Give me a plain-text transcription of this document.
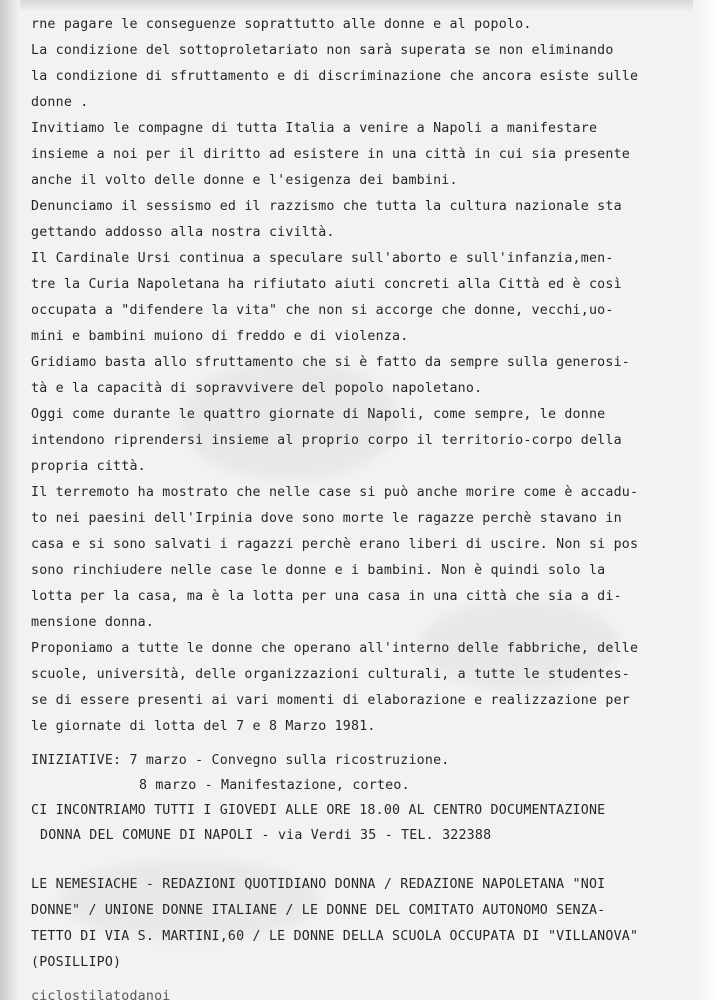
rne pagare le conseguenze soprattutto alle donne e al popolo.
La condizione del sottoproletariato non sarà superata se non eliminando
la condizione di sfruttamento e di discriminazione che ancora esiste sulle
donne .
Invitiamo le compagne di tutta Italia a venire a Napoli a manifestare
insieme a noi per il diritto ad esistere in una città in cui sia presente
anche il volto delle donne e l'esigenza dei bambini.
Denunciamo il sessismo ed il razzismo che tutta la cultura nazionale sta
gettando addosso alla nostra civiltà.
Il Cardinale Ursi continua a speculare sull'aborto e sull'infanzia,men-
tre la Curia Napoletana ha rifiutato aiuti concreti alla Città ed è così
occupata a "difendere la vita" che non si accorge che donne, vecchi,uo-
mini e bambini muiono di freddo e di violenza.
Gridiamo basta allo sfruttamento che si è fatto da sempre sulla generosi-
tà e la capacità di sopravvivere del popolo napoletano.
Oggi come durante le quattro giornate di Napoli, come sempre, le donne
intendono riprendersi insieme al proprio corpo il territorio-corpo della
propria città.
Il terremoto ha mostrato che nelle case si può anche morire come è accadu-
to nei paesini dell'Irpinia dove sono morte le ragazze perchè stavano in
casa e si sono salvati i ragazzi perchè erano liberi di uscire. Non si pos
sono rinchiudere nelle case le donne e i bambini. Non è quindi solo la
lotta per la casa, ma è la lotta per una casa in una città che sia a di-
mensione donna.
Proponiamo a tutte le donne che operano all'interno delle fabbriche, delle
scuole, università, delle organizzazioni culturali, a tutte le studentes-
se di essere presenti ai vari momenti di elaborazione e realizzazione per
le giornate di lotta del 7 e 8 Marzo 1981.
INIZIATIVE: 7 marzo - Convegno sulla ricostruzione.
8 marzo - Manifestazione, corteo.
CI INCONTRIAMO TUTTI I GIOVEDI ALLE ORE 18.00 AL CENTRO DOCUMENTAZIONE
DONNA DEL COMUNE DI NAPOLI - via Verdi 35 - TEL. 322388
LE NEMESIACHE - REDAZIONI QUOTIDIANO DONNA / REDAZIONE NAPOLETANA "NOI
DONNE" / UNIONE DONNE ITALIANE / LE DONNE DEL COMITATO AUTONOMO SENZA-
TETTO DI VIA S. MARTINI,60 / LE DONNE DELLA SCUOLA OCCUPATA DI "VILLANOVA"
(POSILLIPO)
ciclostilatodanoi
